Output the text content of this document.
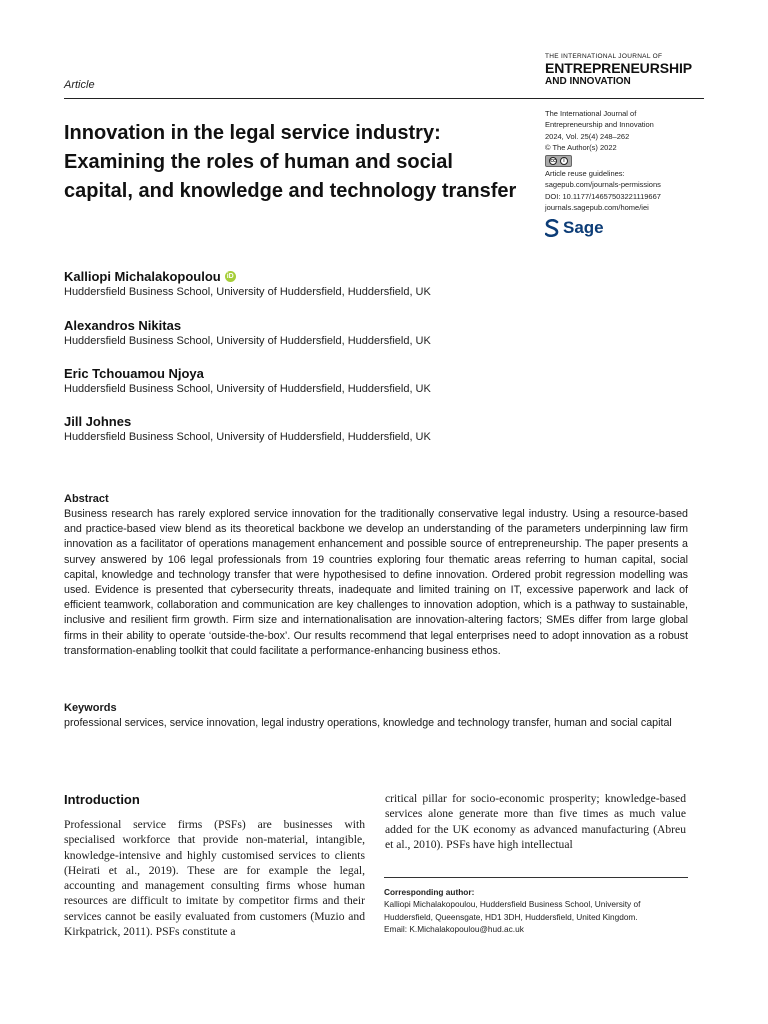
Article
THE INTERNATIONAL JOURNAL OF
ENTREPRENEURSHIP
AND INNOVATION
The International Journal of
Entrepreneurship and Innovation
2024, Vol. 25(4) 248–262
© The Author(s) 2022
cc	i
Article reuse guidelines:
sagepub.com/journals-permissions
DOI: 10.1177/14657503221119667
journals.sagepub.com/home/iei
Sage
Innovation in the legal service industry: Examining the roles of human and social capital, and knowledge and technology transfer
Kalliopi Michalakopoulou iD
Huddersfield Business School, University of Huddersfield, Huddersfield, UK
Alexandros Nikitas
Huddersfield Business School, University of Huddersfield, Huddersfield, UK
Eric Tchouamou Njoya
Huddersfield Business School, University of Huddersfield, Huddersfield, UK
Jill Johnes
Huddersfield Business School, University of Huddersfield, Huddersfield, UK
Abstract
Business research has rarely explored service innovation for the traditionally conservative legal industry. Using a resource-based and practice-based view blend as its theoretical backbone we develop an understanding of the parameters underpinning law firm innovation as a facilitator of operations management enhancement and possible source of entrepreneurship. The paper presents a survey answered by 106 legal professionals from 19 countries exploring four thematic areas referring to human capital, social capital, knowledge and technology transfer that were hypothesised to define innovation. Ordered probit regression modelling was used. Evidence is presented that cybersecurity threats, inadequate and limited training on IT, excessive paperwork and lack of efficient teamwork, collaboration and communication are key challenges to innovation adoption, which is a pathway to sustainable, inclusive and resilient firm growth. Firm size and internationalisation are innovation-altering factors; SMEs differ from large global firms in their ability to operate ‘outside-the-box’. Our results recommend that legal enterprises need to adopt innovation as a robust transformation-enabling toolkit that could facilitate a performance-enhancing business ethos.
Keywords
professional services, service innovation, legal industry operations, knowledge and technology transfer, human and social capital
Introduction
Professional service firms (PSFs) are businesses with specialised workforce that provide non-material, intangible, knowledge-intensive and highly customised services to clients (Heirati et al., 2019). These are for example the legal, accounting and management consulting firms whose human resources are difficult to imitate by competitor firms and their services cannot be easily evaluated from customers (Muzio and Kirkpatrick, 2011). PSFs constitute a
critical pillar for socio-economic prosperity; knowledge-based services alone generate more than five times as much value added for the UK economy as advanced manufacturing (Abreu et al., 2010). PSFs have high intellectual
Corresponding author:
Kalliopi Michalakopoulou, Huddersfield Business School, University of
Huddersfield, Queensgate, HD1 3DH, Huddersfield, United Kingdom.
Email: K.Michalakopoulou@hud.ac.uk
